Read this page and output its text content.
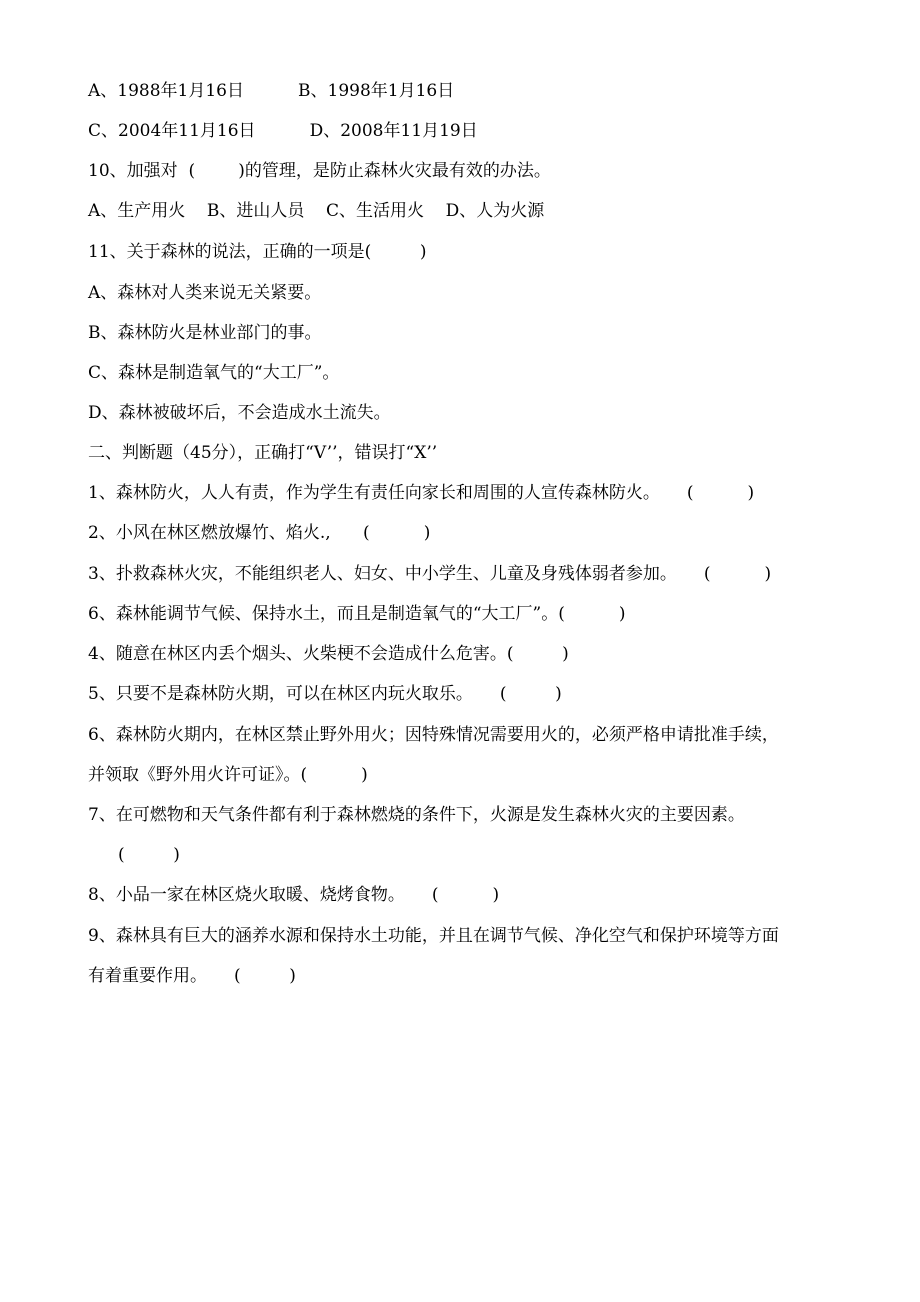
A、1988年1月16日          B、1998年1月16日
C、2004年11月16日          D、2008年11月19日
10、加强对  (        )的管理，是防止森林火灾最有效的办法。
A、生产用火    B、进山人员    C、生活用火    D、人为火源
11、关于森林的说法，正确的一项是(         )
A、森林对人类来说无关紧要。
B、森林防火是林业部门的事。
C、森林是制造氧气的“大工厂”。
D、森林被破坏后，不会造成水土流失。
二、判断题（45分），正确打“V’’，错误打“X’’
1、森林防火，人人有责，作为学生有责任向家长和周围的人宣传森林防火。     (          )
2、小风在林区燃放爆竹、焰火.,      (          )
3、扑救森林火灾，不能组织老人、妇女、中小学生、儿童及身残体弱者参加。     (          )
6、森林能调节气候、保持水土，而且是制造氧气的“大工厂”。(          )
4、随意在林区内丢个烟头、火柴梗不会造成什么危害。(         )
5、只要不是森林防火期，可以在林区内玩火取乐。     (         )
6、森林防火期内，在林区禁止野外用火；因特殊情况需要用火的，必须严格申请批准手续，
并领取《野外用火许可证》。(          )
7、在可燃物和天气条件都有利于森林燃烧的条件下，火源是发生森林火灾的主要因素。
(         )
8、小品一家在林区烧火取暖、烧烤食物。     (          )
9、森林具有巨大的涵养水源和保持水土功能，并且在调节气候、净化空气和保护环境等方面
有着重要作用。     (         )
